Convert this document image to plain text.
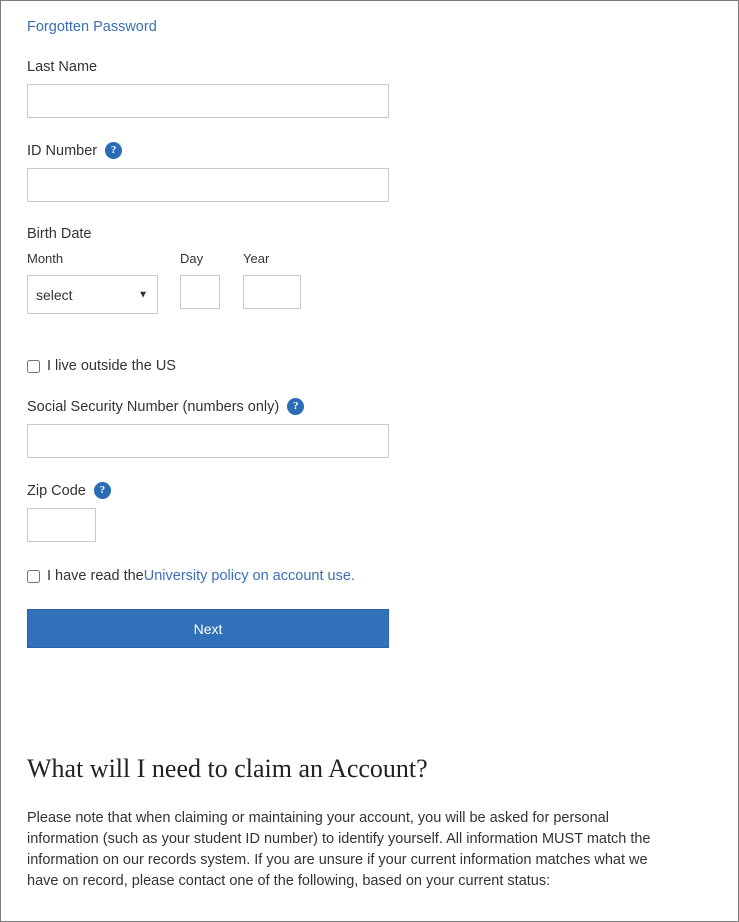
Forgotten Password
Last Name
ID Number	?
Birth Date
Month
select
▼
Day	Year
I live outside the US
Social Security Number (numbers only)	?
Zip Code	?
I have read the University policy on account use.
Next
What will I need to claim an Account?

Please note that when claiming or maintaining your account, you will be asked for personal information (such as your student ID number) to identify yourself. All information MUST match the information on our records system. If you are unsure if your current information matches what we have on record, please contact one of the following, based on your current status:
